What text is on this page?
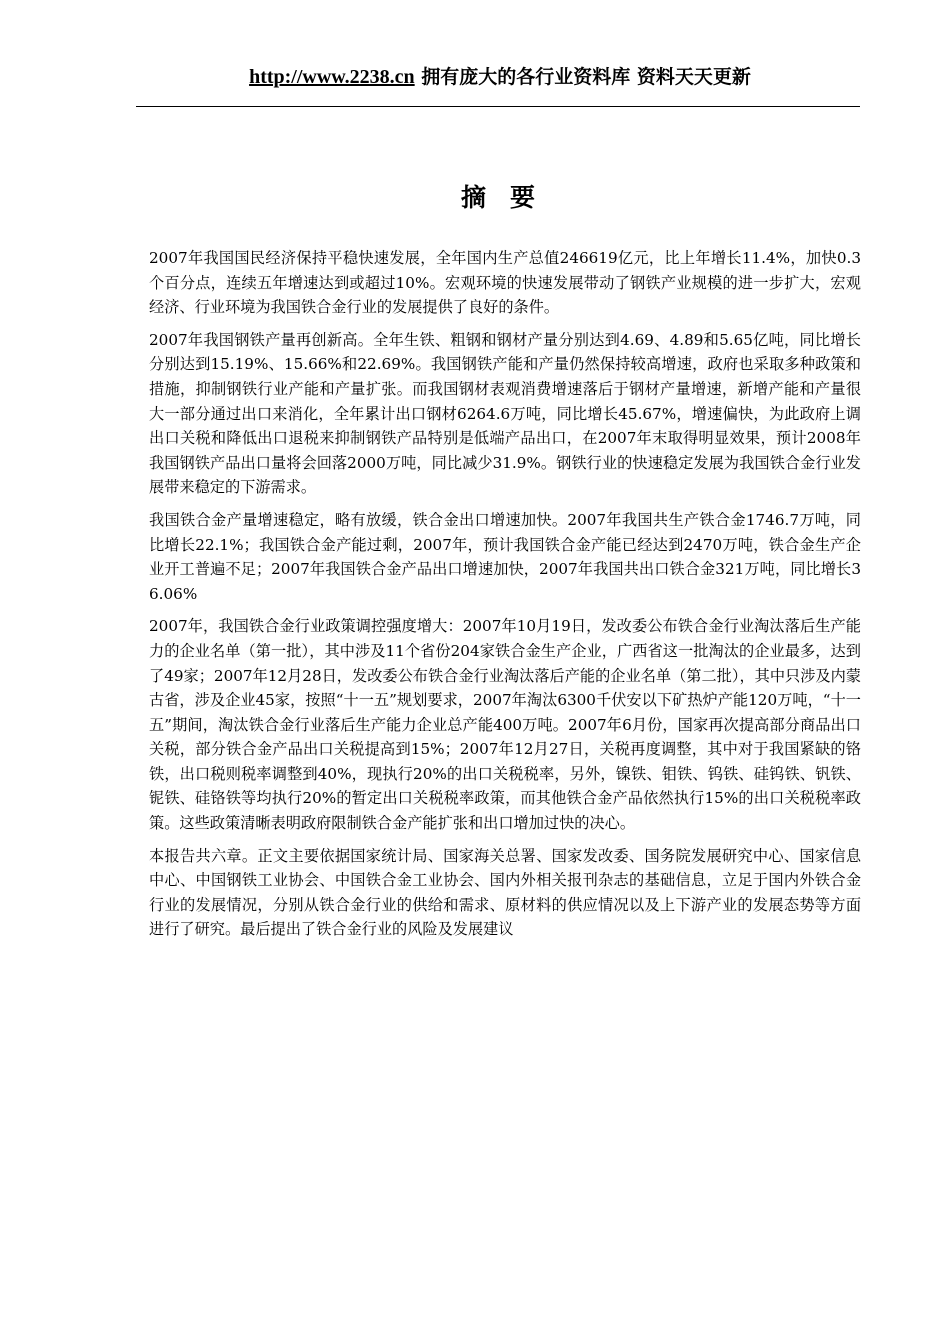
http://www.2238.cn 拥有庞大的各行业资料库 资料天天更新
摘要

2007年我国国民经济保持平稳快速发展，全年国内生产总值246619亿元，比上年增长11.4%，加快0.3个百分点，连续五年增速达到或超过10%。宏观环境的快速发展带动了钢铁产业规模的进一步扩大，宏观经济、行业环境为我国铁合金行业的发展提供了良好的条件。

2007年我国钢铁产量再创新高。全年生铁、粗钢和钢材产量分别达到4.69、4.89和5.65亿吨，同比增长分别达到15.19%、15.66%和22.69%。我国钢铁产能和产量仍然保持较高增速，政府也采取多种政策和措施，抑制钢铁行业产能和产量扩张。而我国钢材表观消费增速落后于钢材产量增速，新增产能和产量很大一部分通过出口来消化，全年累计出口钢材6264.6万吨，同比增长45.67%，增速偏快，为此政府上调出口关税和降低出口退税来抑制钢铁产品特别是低端产品出口，在2007年末取得明显效果，预计2008年我国钢铁产品出口量将会回落2000万吨，同比减少31.9%。钢铁行业的快速稳定发展为我国铁合金行业发展带来稳定的下游需求。

我国铁合金产量增速稳定，略有放缓，铁合金出口增速加快。2007年我国共生产铁合金1746.7万吨，同比增长22.1%；我国铁合金产能过剩，2007年，预计我国铁合金产能已经达到2470万吨，铁合金生产企业开工普遍不足；2007年我国铁合金产品出口增速加快，2007年我国共出口铁合金321万吨，同比增长36.06%

2007年，我国铁合金行业政策调控强度增大：2007年10月19日，发改委公布铁合金行业淘汰落后生产能力的企业名单（第一批），其中涉及11个省份204家铁合金生产企业，广西省这一批淘汰的企业最多，达到了49家；2007年12月28日，发改委公布铁合金行业淘汰落后产能的企业名单（第二批），其中只涉及内蒙古省，涉及企业45家，按照“十一五”规划要求，2007年淘汰6300千伏安以下矿热炉产能120万吨，“十一五”期间，淘汰铁合金行业落后生产能力企业总产能400万吨。2007年6月份，国家再次提高部分商品出口关税，部分铁合金产品出口关税提高到15%；2007年12月27日，关税再度调整，其中对于我国紧缺的铬铁，出口税则税率调整到40%，现执行20%的出口关税税率，另外，镍铁、钼铁、钨铁、硅钨铁、钒铁、铌铁、硅铬铁等均执行20%的暂定出口关税税率政策，而其他铁合金产品依然执行15%的出口关税税率政策。这些政策清晰表明政府限制铁合金产能扩张和出口增加过快的决心。

本报告共六章。正文主要依据国家统计局、国家海关总署、国家发改委、国务院发展研究中心、国家信息中心、中国钢铁工业协会、中国铁合金工业协会、国内外相关报刊杂志的基础信息，立足于国内外铁合金行业的发展情况，分别从铁合金行业的供给和需求、原材料的供应情况以及上下游产业的发展态势等方面进行了研究。最后提出了铁合金行业的风险及发展建议
